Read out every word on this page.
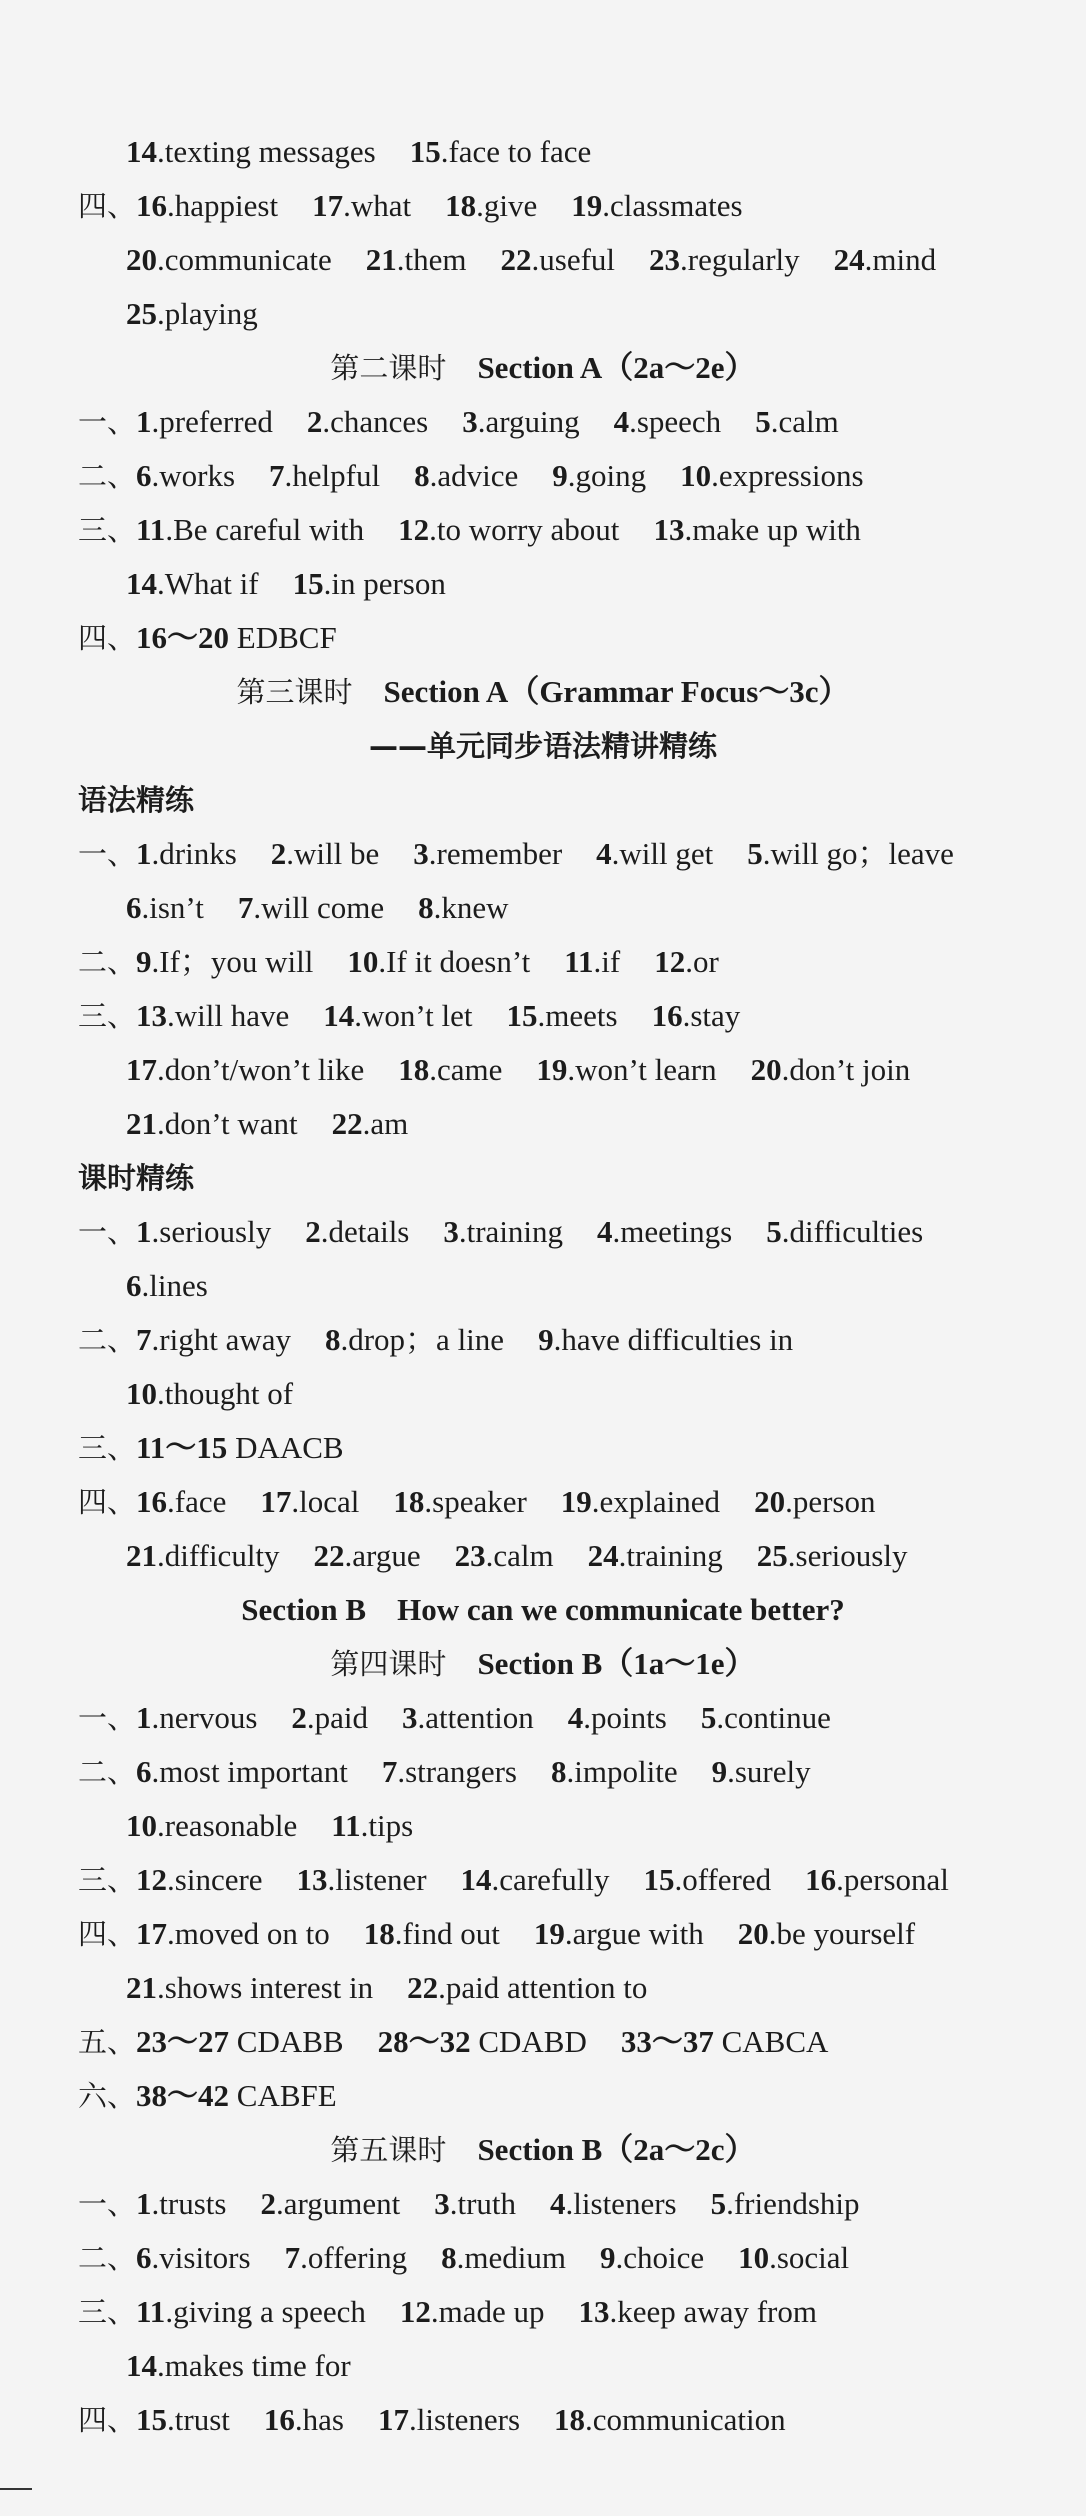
14.texting messages 15.face to face
四、16.happiest 17.what 18.give 19.classmates
20.communicate 21.them 22.useful 23.regularly 24.mind
25.playing
第二课时　 Section A（2a～2e）
一、1.preferred 2.chances 3.arguing 4.speech 5.calm
二、6.works 7.helpful 8.advice 9.going 10.expressions
三、11.Be careful with 12.to worry about 13.make up with
14.What if 15.in person
四、16～20 EDBCF
第三课时　 Section A（Grammar Focus～3c）
——单元同步语法精讲精练
语法精练
一、1.drinks 2.will be 3.remember 4.will get 5.will go；leave
6.isn’t 7.will come 8.knew
二、9.If；you will 10.If it doesn’t 11.if 12.or
三、13.will have 14.won’t let 15.meets 16.stay
17.don’t/won’t like 18.came 19.won’t learn 20.don’t join
21.don’t want 22.am
课时精练
一、1.seriously 2.details 3.training 4.meetings 5.difficulties
6.lines
二、7.right away 8.drop；a line 9.have difficulties in
10.thought of
三、11～15 DAACB
四、16.face 17.local 18.speaker 19.explained 20.person
21.difficulty 22.argue 23.calm 24.training 25.seriously
Section B　How can we communicate better?
第四课时　 Section B（1a～1e）
一、1.nervous 2.paid 3.attention 4.points 5.continue
二、6.most important 7.strangers 8.impolite 9.surely
10.reasonable 11.tips
三、12.sincere 13.listener 14.carefully 15.offered 16.personal
四、17.moved on to 18.find out 19.argue with 20.be yourself
21.shows interest in 22.paid attention to
五、23～27 CDABB 28～32 CDABD 33～37 CABCA
六、38～42 CABFE
第五课时　 Section B（2a～2c）
一、1.trusts 2.argument 3.truth 4.listeners 5.friendship
二、6.visitors 7.offering 8.medium 9.choice 10.social
三、11.giving a speech 12.made up 13.keep away from
14.makes time for
四、15.trust 16.has 17.listeners 18.communication
